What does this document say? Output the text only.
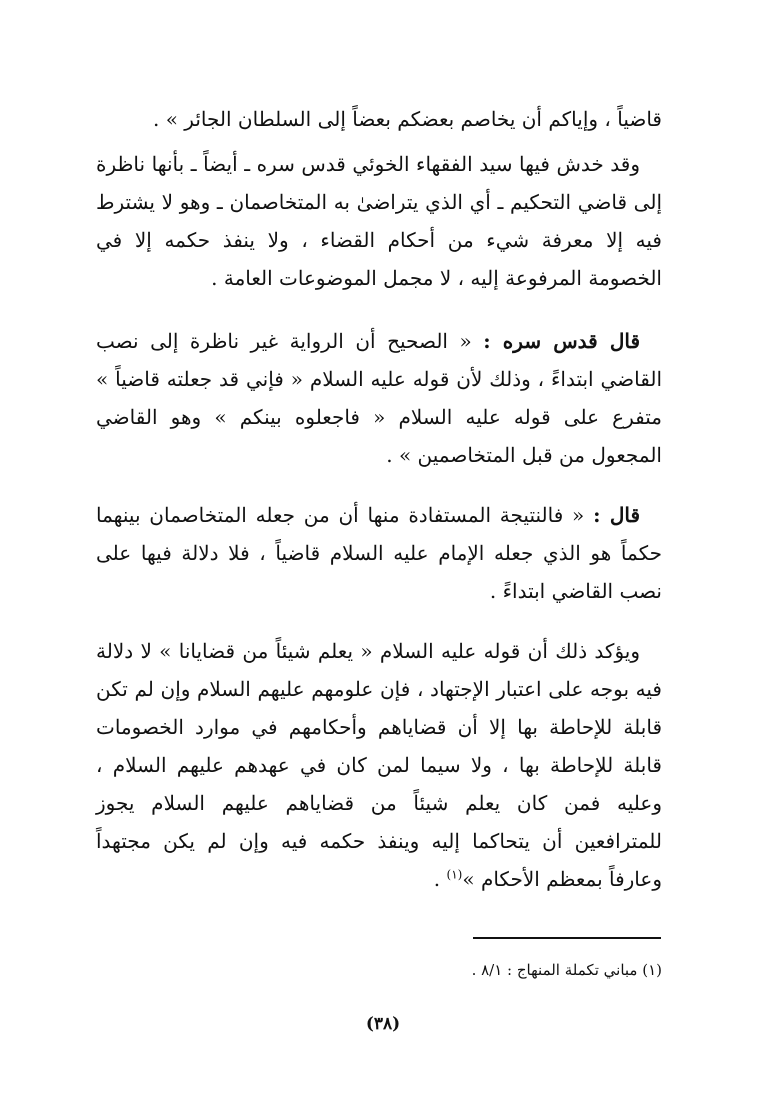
قاضياً ، وإياكم أن يخاصم بعضكم بعضاً إلى السلطان الجائر » .

وقد خدش فيها سيد الفقهاء الخوئي قدس سره ـ أيضاً ـ بأنها ناظرة إلى قاضي التحكيم ـ أي الذي يتراضىٰ به المتخاصمان ـ وهو لا يشترط فيه إلا معرفة شيء من أحكام القضاء ، ولا ينفذ حكمه إلا في الخصومة المرفوعة إليه ، لا مجمل الموضوعات العامة .

قال قدس سره : « الصحيح أن الرواية غير ناظرة إلى نصب القاضي ابتداءً ، وذلك لأن قوله عليه السلام « فإني قد جعلته قاضياً » متفرع على قوله عليه السلام « فاجعلوه بينكم » وهو القاضي المجعول من قبل المتخاصمين » .

قال : « فالنتيجة المستفادة منها أن من جعله المتخاصمان بينهما حكماً هو الذي جعله الإمام عليه السلام قاضياً ، فلا دلالة فيها على نصب القاضي ابتداءً .

ويؤكد ذلك أن قوله عليه السلام « يعلم شيئاً من قضايانا » لا دلالة فيه بوجه على اعتبار الإجتهاد ، فإن علومهم عليهم السلام وإن لم تكن قابلة للإحاطة بها إلا أن قضاياهم وأحكامهم في موارد الخصومات قابلة للإحاطة بها ، ولا سيما لمن كان في عهدهم عليهم السلام ، وعليه فمن كان يعلم شيئاً من قضاياهم عليهم السلام يجوز للمترافعين أن يتحاكما إليه وينفذ حكمه فيه وإن لم يكن مجتهداً وعارفاً بمعظم الأحكام »$^{(١)}$ .

(١) مباني تكملة المنهاج : ٨/١ .
(٣٨)
